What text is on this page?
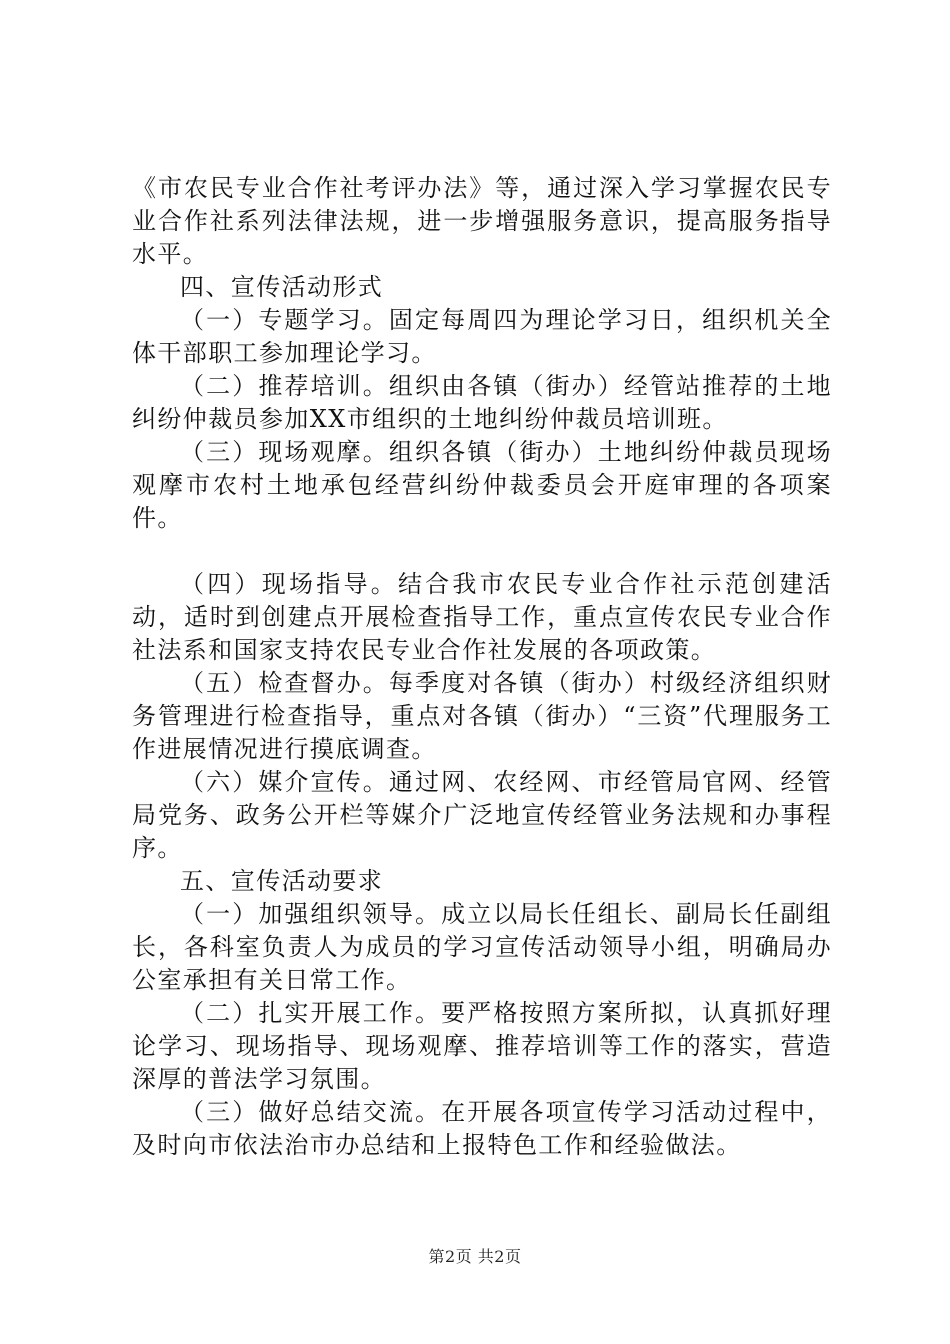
《市农民专业合作社考评办法》等，通过深入学习掌握农民专业合作社系列法律法规，进一步增强服务意识，提高服务指导水平。

四、宣传活动形式

（一）专题学习。固定每周四为理论学习日，组织机关全体干部职工参加理论学习。

（二）推荐培训。组织由各镇（街办）经管站推荐的土地纠纷仲裁员参加XX市组织的土地纠纷仲裁员培训班。

（三）现场观摩。组织各镇（街办）土地纠纷仲裁员现场观摩市农村土地承包经营纠纷仲裁委员会开庭审理的各项案件。

（四）现场指导。结合我市农民专业合作社示范创建活动，适时到创建点开展检查指导工作，重点宣传农民专业合作社法系和国家支持农民专业合作社发展的各项政策。

（五）检查督办。每季度对各镇（街办）村级经济组织财务管理进行检查指导，重点对各镇（街办）“三资”代理服务工作进展情况进行摸底调查。

（六）媒介宣传。通过网、农经网、市经管局官网、经管局党务、政务公开栏等媒介广泛地宣传经管业务法规和办事程序。

五、宣传活动要求

（一）加强组织领导。成立以局长任组长、副局长任副组长，各科室负责人为成员的学习宣传活动领导小组，明确局办公室承担有关日常工作。

（二）扎实开展工作。要严格按照方案所拟，认真抓好理论学习、现场指导、现场观摩、推荐培训等工作的落实，营造深厚的普法学习氛围。

（三）做好总结交流。在开展各项宣传学习活动过程中，及时向市依法治市办总结和上报特色工作和经验做法。

第2页 共2页
